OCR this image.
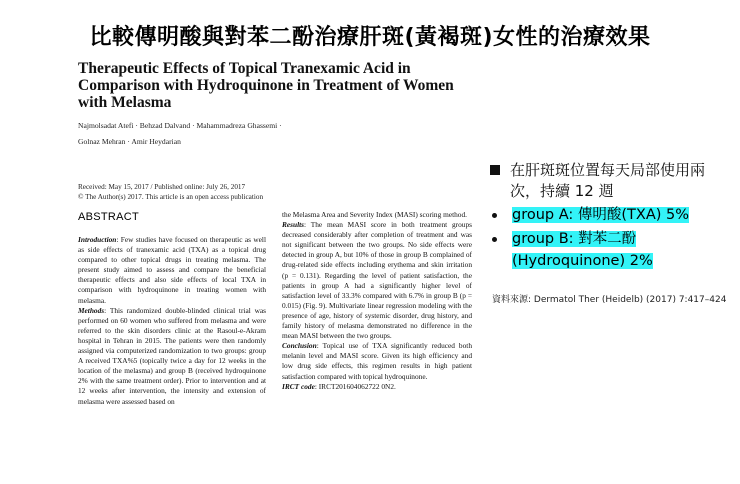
比較傳明酸與對苯二酚治療肝斑(黃褐斑)女性的治療效果
Therapeutic Effects of Topical Tranexamic Acid in Comparison with Hydroquinone in Treatment of Women with Melasma
Najmolsadat Atefi · Behzad Dalvand · Mahammadreza Ghassemi ·
Golnaz Mehran · Amir Heydarian
Received: May 15, 2017 / Published online: July 26, 2017
© The Author(s) 2017. This article is an open access publication
ABSTRACT

Introduction: Few studies have focused on therapeutic as well as side effects of tranexamic acid (TXA) as a topical drug compared to other topical drugs in treating melasma. The present study aimed to assess and compare the beneficial therapeutic effects and also side effects of local TXA in comparison with hydroquinone in treating women with melasma.

Methods: This randomized double-blinded clinical trial was performed on 60 women who suffered from melasma and were referred to the skin disorders clinic at the Rasoul-e-Akram hospital in Tehran in 2015. The patients were then randomly assigned via computerized randomization to two groups: group A received TXA%5 (topically twice a day for 12 weeks in the location of the melasma) and group B (received hydroquinone 2% with the same treatment order). Prior to intervention and at 12 weeks after intervention, the intensity and extension of melasma were assessed based on

the Melasma Area and Severity Index (MASI) scoring method.

Results: The mean MASI score in both treatment groups decreased considerably after completion of treatment and was not significant between the two groups. No side effects were detected in group A, but 10% of those in group B complained of drug-related side effects including erythema and skin irritation (p = 0.131). Regarding the level of patient satisfaction, the patients in group A had a significantly higher level of satisfaction level of 33.3% compared with 6.7% in group B (p = 0.015) (Fig. 9). Multivariate linear regression modeling with the presence of age, history of systemic disorder, drug history, and family history of melasma demonstrated no difference in the mean MASI between the two groups.

Conclusion: Topical use of TXA significantly reduced both melanin level and MASI score. Given its high efficiency and low drug side effects, this regimen results in high patient satisfaction compared with topical hydroquinone.

IRCT code: IRCT201604062722 0N2.

在肝斑斑位置每天局部使用兩次，持續 12 週
group A: 傳明酸(TXA) 5%
group B: 對苯二酚(Hydroquinone) 2%
資料來源: Dermatol Ther (Heidelb) (2017) 7:417–424
